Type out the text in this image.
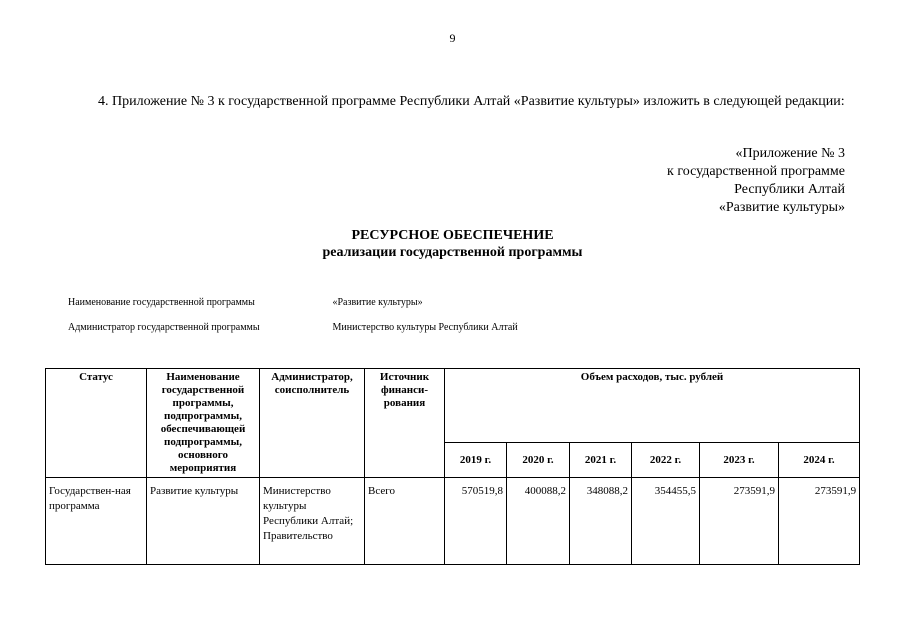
9
4. Приложение № 3 к государственной программе Республики Алтай «Развитие культуры» изложить в следующей редакции:
«Приложение № 3
к государственной программе
Республики Алтай
«Развитие культуры»
РЕСУРСНОЕ ОБЕСПЕЧЕНИЕ
реализации государственной программы
Наименование государственной программы	«Развитие культуры»
Администратор государственной программы	Министерство культуры Республики Алтай
Статус	Наименование государственной программы, подпрограммы, обеспечивающей подпрограммы, основного мероприятия	Администратор, соисполнитель	Источник финанси-рования	Объем расходов, тыс. рублей					
				2019 г.	2020 г.	2021 г.	2022 г.	2023 г.	2024 г.
Государствен-ная программа	Развитие культуры	Министерство культуры Республики Алтай; Правительство	Всего	570519,8	400088,2	348088,2	354455,5	273591,9	273591,9
